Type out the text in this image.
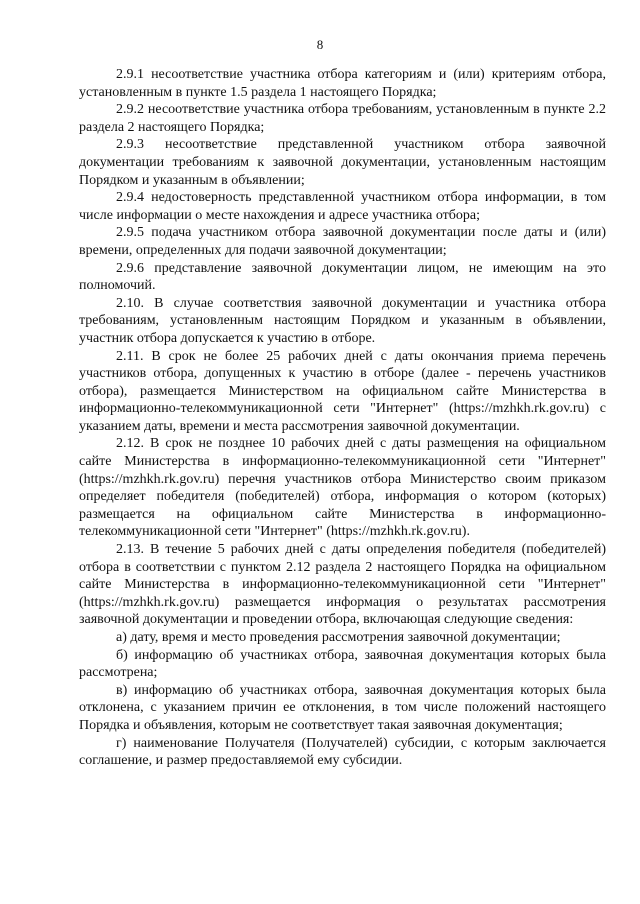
8

2.9.1 несоответствие участника отбора категориям и (или) критериям отбора, установленным в пункте 1.5 раздела 1 настоящего Порядка;

2.9.2 несоответствие участника отбора требованиям, установленным в пункте 2.2 раздела 2 настоящего Порядка;

2.9.3 несоответствие представленной участником отбора заявочной документации требованиям к заявочной документации, установленным настоящим Порядком и указанным в объявлении;

2.9.4 недостоверность представленной участником отбора информации, в том числе информации о месте нахождения и адресе участника отбора;

2.9.5 подача участником отбора заявочной документации после даты и (или) времени, определенных для подачи заявочной документации;

2.9.6 представление заявочной документации лицом, не имеющим на это полномочий.

2.10. В случае соответствия заявочной документации и участника отбора требованиям, установленным настоящим Порядком и указанным в объявлении, участник отбора допускается к участию в отборе.

2.11. В срок не более 25 рабочих дней с даты окончания приема перечень участников отбора, допущенных к участию в отборе (далее - перечень участников отбора), размещается Министерством на официальном сайте Министерства в информационно-телекоммуникационной сети "Интернет" (https://mzhkh.rk.gov.ru) с указанием даты, времени и места рассмотрения заявочной документации.

2.12. В срок не позднее 10 рабочих дней с даты размещения на официальном сайте Министерства в информационно-телекоммуникационной сети "Интернет" (https://mzhkh.rk.gov.ru) перечня участников отбора Министерство своим приказом определяет победителя (победителей) отбора, информация о котором (которых) размещается на официальном сайте Министерства в информационно-телекоммуникационной сети "Интернет" (https://mzhkh.rk.gov.ru).

2.13. В течение 5 рабочих дней с даты определения победителя (победителей) отбора в соответствии с пунктом 2.12 раздела 2 настоящего Порядка на официальном сайте Министерства в информационно-телекоммуникационной сети "Интернет" (https://mzhkh.rk.gov.ru) размещается информация о результатах рассмотрения заявочной документации и проведении отбора, включающая следующие сведения:

а) дату, время и место проведения рассмотрения заявочной документации;

б) информацию об участниках отбора, заявочная документация которых была рассмотрена;

в) информацию об участниках отбора, заявочная документация которых была отклонена, с указанием причин ее отклонения, в том числе положений настоящего Порядка и объявления, которым не соответствует такая заявочная документация;

г) наименование Получателя (Получателей) субсидии, с которым заключается соглашение, и размер предоставляемой ему субсидии.
